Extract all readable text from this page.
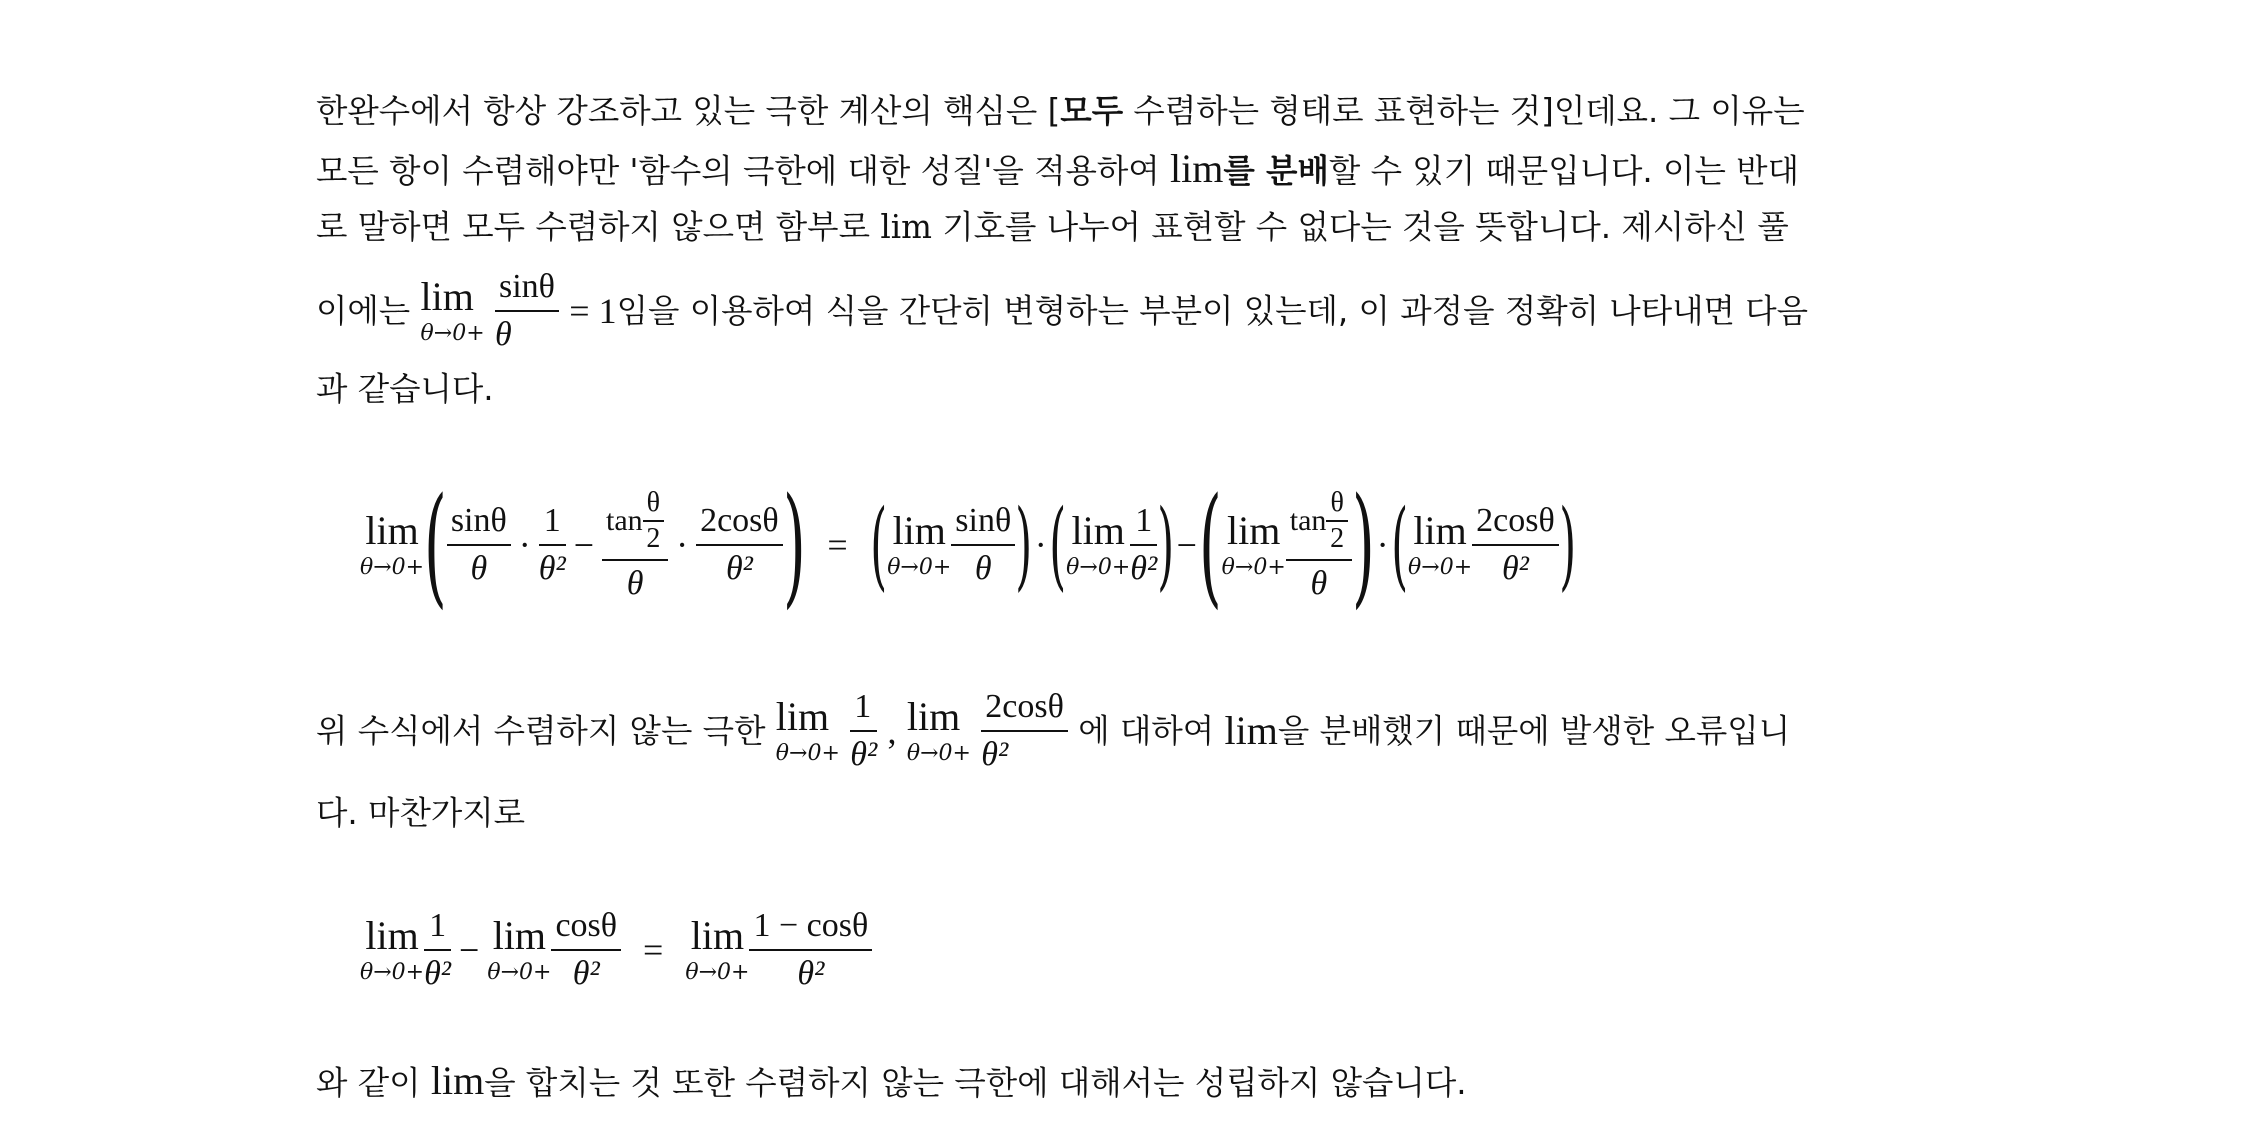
한완수에서 항상 강조하고 있는 극한 계산의 핵심은 [모두 수렴하는 형태로 표현하는 것]인데요. 그 이유는
모든 항이 수렴해야만 '함수의 극한에 대한 성질'을 적용하여 lim를 분배할 수 있기 때문입니다. 이는 반대
로 말하면 모두 수렴하지 않으면 함부로 lim 기호를 나누어 표현할 수 없다는 것을 뜻합니다. 제시하신 풀
이에는 lim
θ→0+
$\frac{\sin\theta}{\theta} = 1$임을 이용하여 식을 간단히 변형하는 부분이 있는데, 이 과정을 정확히 나타내면 다음
과 같습니다.
위 수식에서 수렴하지 않는 극한 lim
θ→0+
$\frac{1}{\text{θ²}}$ , lim
θ→0+
$\frac{2\cos\theta}{\text{θ²}}$ 에 대하여 lim을 분배했기 때문에 발생한 오류입니
다. 마찬가지로
와 같이 lim을 합치는 것 또한 수렴하지 않는 극한에 대해서는 성립하지 않습니다.
lim
θ→0+ ( $\frac{\sin\theta}{\theta} \cdot \frac{1}{\text{θ²}} - \frac{\tan \frac{\theta}{2}}{\theta} \cdot \frac{2\cos\theta}{\text{θ²}}$ ) = ( lim
$\theta\to 0+ \frac{\sin\theta}{\theta}$ ) · ( lim
$\theta\to 0+ \frac{1}{\text{θ²}}$ ) − ( lim
$\theta\to 0+ \frac{\tan \frac{\theta}{2}}{\theta}$ ) · ( lim
$\theta\to 0+ \frac{2\cos\theta}{\text{θ²}}$ )
lim
$\theta\to 0+ \frac{1}{\text{θ²}} - \lim$
$\theta\to 0+ \frac{\cos\theta}{\text{θ²}} = \lim$
$\theta\to 0+ \frac{1 - \cos\theta}{\text{θ²}}$
